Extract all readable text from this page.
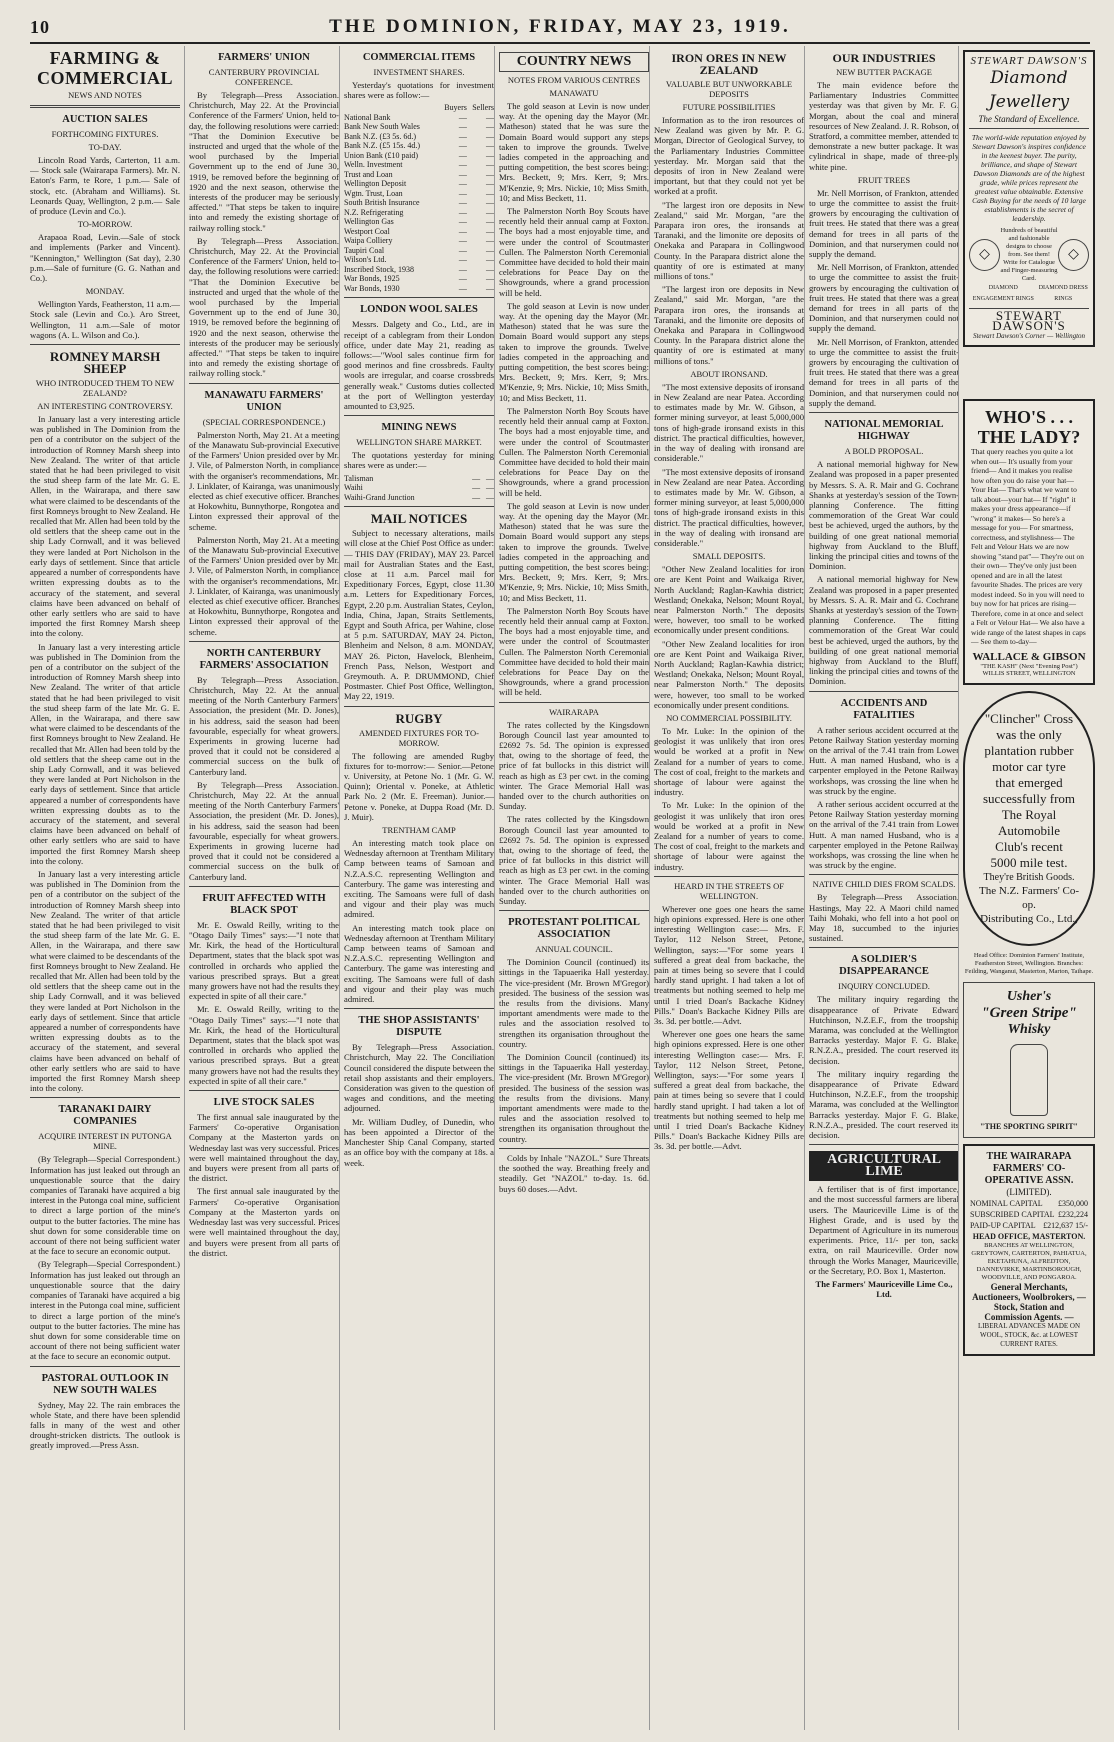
10	THE DOMINION, FRIDAY, MAY 23, 1919.
FARMING & COMMERCIAL
NEWS AND NOTES
AUCTION SALES
FORTHCOMING FIXTURES.
TO-DAY.

Lincoln Road Yards, Carterton, 11 a.m.— Stock sale (Wairarapa Farmers). Mr. N. Eaton's Farm, te Rore, 1 p.m.— Sale of stock, etc. (Abraham and Williams). St. Leonards Quay, Wellington, 2 p.m.— Sale of produce (Levin and Co.).

TO-MORROW.

Arapaoa Road, Levin.—Sale of stock and implements (Parker and Vincent). "Kennington," Wellington (Sat day), 2.30 p.m.—Sale of furniture (G. G. Nathan and Co.).

MONDAY.

Wellington Yards, Featherston, 11 a.m.—Stock sale (Levin and Co.). Aro Street, Wellington, 11 a.m.—Sale of motor wagons (A. L. Wilson and Co.).

ROMNEY MARSH SHEEP
WHO INTRODUCED THEM TO NEW ZEALAND?
AN INTERESTING CONTROVERSY.

In January last a very interesting article was published in The Dominion from the pen of a contributor on the subject of the introduction of Romney Marsh sheep into New Zealand. The writer of that article stated that he had been privileged to visit the stud sheep farm of the late Mr. G. E. Allen, in the Wairarapa, and there saw what were claimed to be descendants of the first Romneys brought to New Zealand. He recalled that Mr. Allen had been told by the old settlers that the sheep came out in the ship Lady Cornwall, and it was believed they were landed at Port Nicholson in the early days of settlement. Since that article appeared a number of correspondents have written expressing doubts as to the accuracy of the statement, and several claims have been advanced on behalf of other early settlers who are said to have imported the first Romney Marsh sheep into the colony.

In January last a very interesting article was published in The Dominion from the pen of a contributor on the subject of the introduction of Romney Marsh sheep into New Zealand. The writer of that article stated that he had been privileged to visit the stud sheep farm of the late Mr. G. E. Allen, in the Wairarapa, and there saw what were claimed to be descendants of the first Romneys brought to New Zealand. He recalled that Mr. Allen had been told by the old settlers that the sheep came out in the ship Lady Cornwall, and it was believed they were landed at Port Nicholson in the early days of settlement. Since that article appeared a number of correspondents have written expressing doubts as to the accuracy of the statement, and several claims have been advanced on behalf of other early settlers who are said to have imported the first Romney Marsh sheep into the colony.

In January last a very interesting article was published in The Dominion from the pen of a contributor on the subject of the introduction of Romney Marsh sheep into New Zealand. The writer of that article stated that he had been privileged to visit the stud sheep farm of the late Mr. G. E. Allen, in the Wairarapa, and there saw what were claimed to be descendants of the first Romneys brought to New Zealand. He recalled that Mr. Allen had been told by the old settlers that the sheep came out in the ship Lady Cornwall, and it was believed they were landed at Port Nicholson in the early days of settlement. Since that article appeared a number of correspondents have written expressing doubts as to the accuracy of the statement, and several claims have been advanced on behalf of other early settlers who are said to have imported the first Romney Marsh sheep into the colony.

TARANAKI DAIRY COMPANIES
ACQUIRE INTEREST IN PUTONGA MINE.

(By Telegraph—Special Correspondent.) Information has just leaked out through an unquestionable source that the dairy companies of Taranaki have acquired a big interest in the Putonga coal mine, sufficient to direct a large portion of the mine's output to the butter factories. The mine has shut down for some considerable time on account of there not being sufficient water at the face to secure an economic output.

(By Telegraph—Special Correspondent.) Information has just leaked out through an unquestionable source that the dairy companies of Taranaki have acquired a big interest in the Putonga coal mine, sufficient to direct a large portion of the mine's output to the butter factories. The mine has shut down for some considerable time on account of there not being sufficient water at the face to secure an economic output.

PASTORAL OUTLOOK IN NEW SOUTH WALES

Sydney, May 22. The rain embraces the whole State, and there have been splendid falls in many of the west and other drought-stricken districts. The outlook is greatly improved.—Press Assn.

FARMERS' UNION
CANTERBURY PROVINCIAL CONFERENCE.

By Telegraph—Press Association. Christchurch, May 22. At the Provincial Conference of the Farmers' Union, held to-day, the following resolutions were carried: "That the Dominion Executive be instructed and urged that the whole of the wool purchased by the Imperial Government up to the end of June 30, 1919, be removed before the beginning of 1920 and the next season, otherwise the interests of the producer may be seriously affected." "That steps be taken to inquire into and remedy the existing shortage of railway rolling stock."

By Telegraph—Press Association. Christchurch, May 22. At the Provincial Conference of the Farmers' Union, held to-day, the following resolutions were carried: "That the Dominion Executive be instructed and urged that the whole of the wool purchased by the Imperial Government up to the end of June 30, 1919, be removed before the beginning of 1920 and the next season, otherwise the interests of the producer may be seriously affected." "That steps be taken to inquire into and remedy the existing shortage of railway rolling stock."

MANAWATU FARMERS' UNION
(SPECIAL CORRESPONDENCE.)

Palmerston North, May 21. At a meeting of the Manawatu Sub-provincial Executive of the Farmers' Union presided over by Mr. J. Vile, of Palmerston North, in compliance with the organiser's recommendations, Mr. J. Linklater, of Kairanga, was unanimously elected as chief executive officer. Branches at Hokowhitu, Bunnythorpe, Rongotea and Linton expressed their approval of the scheme.

Palmerston North, May 21. At a meeting of the Manawatu Sub-provincial Executive of the Farmers' Union presided over by Mr. J. Vile, of Palmerston North, in compliance with the organiser's recommendations, Mr. J. Linklater, of Kairanga, was unanimously elected as chief executive officer. Branches at Hokowhitu, Bunnythorpe, Rongotea and Linton expressed their approval of the scheme.

NORTH CANTERBURY FARMERS' ASSOCIATION

By Telegraph—Press Association. Christchurch, May 22. At the annual meeting of the North Canterbury Farmers' Association, the president (Mr. D. Jones), in his address, said the season had been favourable, especially for wheat growers. Experiments in growing lucerne had proved that it could not be considered a commercial success on the bulk of Canterbury land.

By Telegraph—Press Association. Christchurch, May 22. At the annual meeting of the North Canterbury Farmers' Association, the president (Mr. D. Jones), in his address, said the season had been favourable, especially for wheat growers. Experiments in growing lucerne had proved that it could not be considered a commercial success on the bulk of Canterbury land.

FRUIT AFFECTED WITH BLACK SPOT

Mr. E. Oswald Reilly, writing to the "Otago Daily Times" says:—"I note that Mr. Kirk, the head of the Horticultural Department, states that the black spot was controlled in orchards who applied the various prescribed sprays. But a great many growers have not had the results they expected in spite of all their care."

Mr. E. Oswald Reilly, writing to the "Otago Daily Times" says:—"I note that Mr. Kirk, the head of the Horticultural Department, states that the black spot was controlled in orchards who applied the various prescribed sprays. But a great many growers have not had the results they expected in spite of all their care."

LIVE STOCK SALES

The first annual sale inaugurated by the Farmers' Co-operative Organisation Company at the Masterton yards on Wednesday last was very successful. Prices were well maintained throughout the day, and buyers were present from all parts of the district.

The first annual sale inaugurated by the Farmers' Co-operative Organisation Company at the Masterton yards on Wednesday last was very successful. Prices were well maintained throughout the day, and buyers were present from all parts of the district.

COMMERCIAL ITEMS
INVESTMENT SHARES.

Yesterday's quotations for investment shares were as follow:—

	Buyers	Sellers
National Bank	—	—
Bank New South Wales	—	—
Bank N.Z. (£3 5s. 6d.)	—	—
Bank N.Z. (£5 15s. 4d.)	—	—
Union Bank (£10 paid)	—	—
Welln. Investment	—	—
Trust and Loan	—	—
Wellington Deposit	—	—
Wgtn. Trust, Loan	—	—
South British Insurance	—	—
N.Z. Refrigerating	—	—
Wellington Gas	—	—
Westport Coal	—	—
Waipa Colliery	—	—
Taupiri Coal	—	—
Wilson's Ltd.	—	—
Inscribed Stock, 1938	—	—
War Bonds, 1925	—	—
War Bonds, 1930	—	—
LONDON WOOL SALES

Messrs. Dalgety and Co., Ltd., are in receipt of a cablegram from their London office, under date May 21, reading as follows:—"Wool sales continue firm for good merinos and fine crossbreds. Faulty wools are irregular, and coarse crossbreds generally weak." Customs duties collected at the port of Wellington yesterday amounted to £3,925.

MINING NEWS
WELLINGTON SHARE MARKET.

The quotations yesterday for mining shares were as under:—

Talisman	—	—
Waihi	—	—
Waihi-Grand Junction	—	—
MAIL NOTICES

Subject to necessary alterations, mails will close at the Chief Post Office as under:— THIS DAY (FRIDAY), MAY 23. Parcel mail for Australian States and the East, close at 11 a.m. Parcel mail for Expeditionary Forces, Egypt, close 11.30 a.m. Letters for Expeditionary Forces, Egypt, 2.20 p.m. Australian States, Ceylon, India, China, Japan, Straits Settlements, Egypt and South Africa, per Wahine, close at 5 p.m. SATURDAY, MAY 24. Picton, Blenheim and Nelson, 8 a.m. MONDAY, MAY 26. Picton, Havelock, Blenheim, French Pass, Nelson, Westport and Greymouth. A. P. DRUMMOND, Chief Postmaster. Chief Post Office, Wellington, May 22, 1919.

RUGBY
AMENDED FIXTURES FOR TO-MORROW.

The following are amended Rugby fixtures for to-morrow:— Senior.—Petone v. University, at Petone No. 1 (Mr. G. W. Quinn); Oriental v. Poneke, at Athletic Park No. 2 (Mr. E. Freeman). Junior.—Petone v. Poneke, at Duppa Road (Mr. D. J. Muir).

TRENTHAM CAMP

An interesting match took place on Wednesday afternoon at Trentham Military Camp between teams of Samoan and N.Z.A.S.C. representing Wellington and Canterbury. The game was interesting and exciting. The Samoans were full of dash and vigour and their play was much admired.

An interesting match took place on Wednesday afternoon at Trentham Military Camp between teams of Samoan and N.Z.A.S.C. representing Wellington and Canterbury. The game was interesting and exciting. The Samoans were full of dash and vigour and their play was much admired.

THE SHOP ASSISTANTS' DISPUTE

By Telegraph—Press Association. Christchurch, May 22. The Conciliation Council considered the dispute between the retail shop assistants and their employers. Consideration was given to the question of wages and conditions, and the meeting adjourned.

Mr. William Dudley, of Dunedin, who has been appointed a Director of the Manchester Ship Canal Company, started as an office boy with the company at 18s. a week.

COUNTRY NEWS
NOTES FROM VARIOUS CENTRES
MANAWATU

The gold season at Levin is now under way. At the opening day the Mayor (Mr. Matheson) stated that he was sure the Domain Board would support any steps taken to improve the grounds. Twelve ladies competed in the approaching and putting competition, the best scores being: Mrs. Beckett, 9; Mrs. Kerr, 9; Mrs. M'Kenzie, 9; Mrs. Nickie, 10; Miss Smith, 10; and Miss Beckett, 11.

The Palmerston North Boy Scouts have recently held their annual camp at Foxton. The boys had a most enjoyable time, and were under the control of Scoutmaster Cullen. The Palmerston North Ceremonial Committee have decided to hold their main celebrations for Peace Day on the Showgrounds, where a grand procession will be held.

The gold season at Levin is now under way. At the opening day the Mayor (Mr. Matheson) stated that he was sure the Domain Board would support any steps taken to improve the grounds. Twelve ladies competed in the approaching and putting competition, the best scores being: Mrs. Beckett, 9; Mrs. Kerr, 9; Mrs. M'Kenzie, 9; Mrs. Nickie, 10; Miss Smith, 10; and Miss Beckett, 11.

The Palmerston North Boy Scouts have recently held their annual camp at Foxton. The boys had a most enjoyable time, and were under the control of Scoutmaster Cullen. The Palmerston North Ceremonial Committee have decided to hold their main celebrations for Peace Day on the Showgrounds, where a grand procession will be held.

The gold season at Levin is now under way. At the opening day the Mayor (Mr. Matheson) stated that he was sure the Domain Board would support any steps taken to improve the grounds. Twelve ladies competed in the approaching and putting competition, the best scores being: Mrs. Beckett, 9; Mrs. Kerr, 9; Mrs. M'Kenzie, 9; Mrs. Nickie, 10; Miss Smith, 10; and Miss Beckett, 11.

The Palmerston North Boy Scouts have recently held their annual camp at Foxton. The boys had a most enjoyable time, and were under the control of Scoutmaster Cullen. The Palmerston North Ceremonial Committee have decided to hold their main celebrations for Peace Day on the Showgrounds, where a grand procession will be held.

WAIRARAPA

The rates collected by the Kingsdown Borough Council last year amounted to £2692 7s. 5d. The opinion is expressed that, owing to the shortage of feed, the price of fat bullocks in this district will reach as high as £3 per cwt. in the coming winter. The Grace Memorial Hall was handed over to the church authorities on Sunday.

The rates collected by the Kingsdown Borough Council last year amounted to £2692 7s. 5d. The opinion is expressed that, owing to the shortage of feed, the price of fat bullocks in this district will reach as high as £3 per cwt. in the coming winter. The Grace Memorial Hall was handed over to the church authorities on Sunday.

PROTESTANT POLITICAL ASSOCIATION
ANNUAL COUNCIL.

The Dominion Council (continued) its sittings in the Tapuaerika Hall yesterday. The vice-president (Mr. Brown M'Gregor) presided. The business of the session was the results from the divisions. Many important amendments were made to the rules and the association resolved to strengthen its organisation throughout the country.

The Dominion Council (continued) its sittings in the Tapuaerika Hall yesterday. The vice-president (Mr. Brown M'Gregor) presided. The business of the session was the results from the divisions. Many important amendments were made to the rules and the association resolved to strengthen its organisation throughout the country.

Colds by Inhale "NAZOL." Sure Threats the soothed the way. Breathing freely and steadily. Get "NAZOL" to-day. 1s. 6d. buys 60 doses.—Advt.

IRON ORES IN NEW ZEALAND
VALUABLE BUT UNWORKABLE DEPOSITS
FUTURE POSSIBILITIES

Information as to the iron resources of New Zealand was given by Mr. P. G. Morgan, Director of Geological Survey, to the Parliamentary Industries Committee yesterday. Mr. Morgan said that the deposits of iron in New Zealand were important, but that they could not yet be worked at a profit.

"The largest iron ore deposits in New Zealand," said Mr. Morgan, "are the Parapara iron ores, the ironsands at Taranaki, and the limonite ore deposits of Onekaka and Parapara in Collingwood County. In the Parapara district alone the quantity of ore is estimated at many millions of tons."

"The largest iron ore deposits in New Zealand," said Mr. Morgan, "are the Parapara iron ores, the ironsands at Taranaki, and the limonite ore deposits of Onekaka and Parapara in Collingwood County. In the Parapara district alone the quantity of ore is estimated at many millions of tons."

ABOUT IRONSAND.

"The most extensive deposits of ironsand in New Zealand are near Patea. According to estimates made by Mr. W. Gibson, a former mining surveyor, at least 5,000,000 tons of high-grade ironsand exists in this district. The practical difficulties, however, in the way of dealing with ironsand are considerable."

"The most extensive deposits of ironsand in New Zealand are near Patea. According to estimates made by Mr. W. Gibson, a former mining surveyor, at least 5,000,000 tons of high-grade ironsand exists in this district. The practical difficulties, however, in the way of dealing with ironsand are considerable."

SMALL DEPOSITS.

"Other New Zealand localities for iron ore are Kent Point and Waikaiga River, North Auckland; Raglan-Kawhia district; Westland; Onekaka, Nelson; Mount Royal, near Palmerston North." The deposits were, however, too small to be worked economically under present conditions.

"Other New Zealand localities for iron ore are Kent Point and Waikaiga River, North Auckland; Raglan-Kawhia district; Westland; Onekaka, Nelson; Mount Royal, near Palmerston North." The deposits were, however, too small to be worked economically under present conditions.

NO COMMERCIAL POSSIBILITY.

To Mr. Luke: In the opinion of the geologist it was unlikely that iron ores would be worked at a profit in New Zealand for a number of years to come. The cost of coal, freight to the markets and shortage of labour were against the industry.

To Mr. Luke: In the opinion of the geologist it was unlikely that iron ores would be worked at a profit in New Zealand for a number of years to come. The cost of coal, freight to the markets and shortage of labour were against the industry.

HEARD IN THE STREETS OF WELLINGTON.

Wherever one goes one hears the same high opinions expressed. Here is one other interesting Wellington case:— Mrs. F. Taylor, 112 Nelson Street, Petone, Wellington, says:—"For some years I suffered a great deal from backache, the pain at times being so severe that I could hardly stand upright. I had taken a lot of treatments but nothing seemed to help me until I tried Doan's Backache Kidney Pills." Doan's Backache Kidney Pills are 3s. 3d. per bottle.—Advt.

Wherever one goes one hears the same high opinions expressed. Here is one other interesting Wellington case:— Mrs. F. Taylor, 112 Nelson Street, Petone, Wellington, says:—"For some years I suffered a great deal from backache, the pain at times being so severe that I could hardly stand upright. I had taken a lot of treatments but nothing seemed to help me until I tried Doan's Backache Kidney Pills." Doan's Backache Kidney Pills are 3s. 3d. per bottle.—Advt.

OUR INDUSTRIES
NEW BUTTER PACKAGE

The main evidence before the Parliamentary Industries Committee yesterday was that given by Mr. F. G. Morgan, about the coal and mineral resources of New Zealand. J. R. Robson, of Stratford, a committee member, attended to demonstrate a new butter package. It was cylindrical in shape, made of three-ply white pine.

FRUIT TREES

Mr. Nell Morrison, of Frankton, attended to urge the committee to assist the fruit-growers by encouraging the cultivation of fruit trees. He stated that there was a great demand for trees in all parts of the Dominion, and that nurserymen could not supply the demand.

Mr. Nell Morrison, of Frankton, attended to urge the committee to assist the fruit-growers by encouraging the cultivation of fruit trees. He stated that there was a great demand for trees in all parts of the Dominion, and that nurserymen could not supply the demand.

Mr. Nell Morrison, of Frankton, attended to urge the committee to assist the fruit-growers by encouraging the cultivation of fruit trees. He stated that there was a great demand for trees in all parts of the Dominion, and that nurserymen could not supply the demand.

NATIONAL MEMORIAL HIGHWAY
A BOLD PROPOSAL.

A national memorial highway for New Zealand was proposed in a paper presented by Messrs. S. A. R. Mair and G. Cochrane Shanks at yesterday's session of the Town-planning Conference. The fitting commemoration of the Great War could best be achieved, urged the authors, by the building of one great national memorial highway from Auckland to the Bluff, linking the principal cities and towns of the Dominion.

A national memorial highway for New Zealand was proposed in a paper presented by Messrs. S. A. R. Mair and G. Cochrane Shanks at yesterday's session of the Town-planning Conference. The fitting commemoration of the Great War could best be achieved, urged the authors, by the building of one great national memorial highway from Auckland to the Bluff, linking the principal cities and towns of the Dominion.

ACCIDENTS AND FATALITIES

A rather serious accident occurred at the Petone Railway Station yesterday morning on the arrival of the 7.41 train from Lower Hutt. A man named Husband, who is a carpenter employed in the Petone Railway workshops, was crossing the line when he was struck by the engine.

A rather serious accident occurred at the Petone Railway Station yesterday morning on the arrival of the 7.41 train from Lower Hutt. A man named Husband, who is a carpenter employed in the Petone Railway workshops, was crossing the line when he was struck by the engine.

NATIVE CHILD DIES FROM SCALDS.

By Telegraph—Press Association. Hastings, May 22. A Maori child named Taihi Mohaki, who fell into a hot pool on May 18, succumbed to the injuries sustained.

A SOLDIER'S DISAPPEARANCE
INQUIRY CONCLUDED.

The military inquiry regarding the disappearance of Private Edward Hutchinson, N.Z.E.F., from the troopship Marama, was concluded at the Wellington Barracks yesterday. Major F. G. Blake, R.N.Z.A., presided. The court reserved its decision.

The military inquiry regarding the disappearance of Private Edward Hutchinson, N.Z.E.F., from the troopship Marama, was concluded at the Wellington Barracks yesterday. Major F. G. Blake, R.N.Z.A., presided. The court reserved its decision.

AGRICULTURAL LIME

A fertiliser that is of first importance, and the most successful farmers are liberal users. The Mauriceville Lime is of the Highest Grade, and is used by the Department of Agriculture in its numerous experiments. Price, 11/- per ton, sacks extra, on rail Mauriceville. Order now through the Works Manager, Mauriceville, or the Secretary, P.O. Box 1, Masterton.

The Farmers' Mauriceville Lime Co., Ltd.

STEWART DAWSON'S
Diamond Jewellery
The Standard of Excellence.
The world-wide reputation enjoyed by Stewart Dawson's inspires confidence in the keenest buyer. The purity, brilliance, and shape of Stewart Dawson Diamonds are of the highest grade, while prices represent the greatest value obtainable. Extensive Cash Buying for the needs of 10 large establishments is the secret of leadership.
◇
Hundreds of beautiful and fashionable designs to choose from. See them! Write for Catalogue and Finger-measuring Card.
◇
DIAMOND ENGAGEMENT RINGS
DIAMOND DRESS RINGS
STEWART DAWSON'S
Stewart Dawson's Corner — Wellington
WHO'S . . . THE LADY?
That query reaches you quite a lot when out— It's usually from your friend— And it makes you realise how often you do raise your hat—Your Hat— That's what we want to talk about—your hat— If "right" it makes your dress appearance—if "wrong" it makes— So here's a message for you— For smartness, correctness, and stylishness— The Felt and Velour Hats we are now showing "stand pat"— They're out on their own— They've only just been opened and are in all the latest favourite Shades. The prices are very modest indeed. So in you will need to buy now for hat prices are rising— Therefore, come in at once and select a Felt or Velour Hat— We also have a wide range of the latest shapes in caps— See them to-day—
WALLACE & GIBSON
"THE KASH" (Next "Evening Post") WILLIS STREET, WELLINGTON
"Clincher" Cross
was the only
plantation rubber
motor car tyre
that emerged
successfully from
The Royal
Automobile
Club's recent
5000 mile test.
They're British Goods.
The N.Z. Farmers' Co-op.
Distributing Co., Ltd.,
Head Office: Dominion Farmers' Institute, Featherston Street, Wellington. Branches: Feilding, Wanganui, Masterton, Marton, Taihape.
Usher's
"Green Stripe"
Whisky
"THE SPORTING SPIRIT"
THE WAIRARAPA FARMERS' CO-OPERATIVE ASSN.
(LIMITED).
NOMINAL CAPITAL £350,000
SUBSCRIBED CAPITAL £232,224
PAID-UP CAPITAL £212,637 15/-
HEAD OFFICE, MASTERTON.
BRANCHES AT WELLINGTON, GREYTOWN, CARTERTON, PAHIATUA, EKETAHUNA, ALFREDTON, DANNEVIRKE, MARTINBOROUGH, WOODVILLE, AND PONGAROA.
General Merchants, Auctioneers, Woolbrokers, — Stock, Station and Commission Agents. —
LIBERAL ADVANCES MADE ON WOOL, STOCK, &c. at LOWEST CURRENT RATES.
